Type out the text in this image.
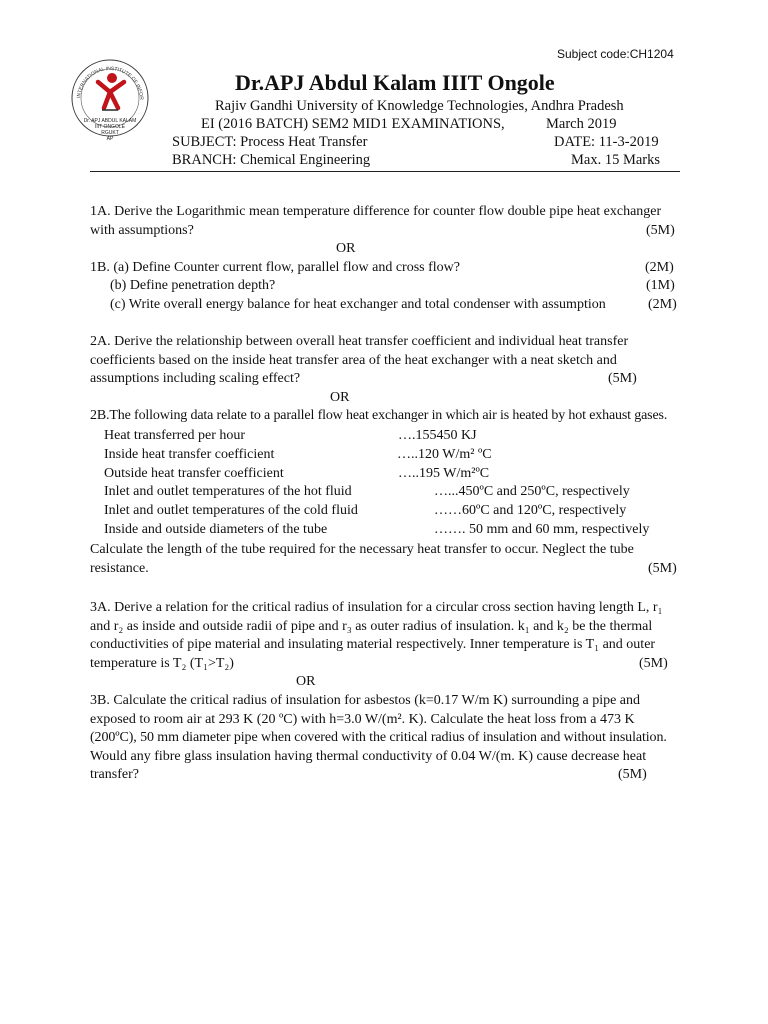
Subject code:CH1204
INTERNATIONAL INSTITUTE OF INFOR
Dr. APJ ABDUL KALAM
IIIT ONGOLE
RGUKT
AP
Dr.APJ Abdul Kalam IIIT Ongole
Rajiv Gandhi University of Knowledge Technologies, Andhra Pradesh
EI (2016 BATCH) SEM2 MID1 EXAMINATIONS,	March 2019
SUBJECT: Process Heat Transfer	DATE: 11-3-2019
BRANCH: Chemical Engineering	Max. 15 Marks
1A. Derive the Logarithmic mean temperature difference for counter flow double pipe heat exchanger
with assumptions?	(5M)
OR
1B. (a) Define Counter current flow, parallel flow and cross flow?	(2M)
(b) Define penetration depth?	(1M)
(c) Write overall energy balance for heat exchanger and total condenser with assumption	(2M)
2A. Derive the relationship between overall heat transfer coefficient and individual heat transfer
coefficients based on the inside heat transfer area of the heat exchanger with a neat sketch and
assumptions including scaling effect?	(5M)
OR
2B.The following data relate to a parallel flow heat exchanger in which air is heated by hot exhaust gases.
Heat transferred per hour	….155450 KJ
Inside heat transfer coefficient	…..120 W/m² ºC
Outside heat transfer coefficient	…..195 W/m²ºC
Inlet and outlet temperatures of the hot fluid	…...450ºC and 250ºC, respectively
Inlet and outlet temperatures of the cold fluid	……60ºC and 120ºC, respectively
Inside and outside diameters of the tube	……. 50 mm and 60 mm, respectively
Calculate the length of the tube required for the necessary heat transfer to occur. Neglect the tube
resistance.	(5M)
3A. Derive a relation for the critical radius of insulation for a circular cross section having length L, r₁
and r₂ as inside and outside radii of pipe and r₃ as outer radius of insulation. k₁ and k₂ be the thermal
conductivities of pipe material and insulating material respectively. Inner temperature is T₁ and outer
temperature is T₂ (T₁>T₂)	(5M)
OR
3B. Calculate the critical radius of insulation for asbestos (k=0.17 W/m K) surrounding a pipe and
exposed to room air at 293 K (20 ºC) with h=3.0 W/(m². K). Calculate the heat loss from a 473 K
(200ºC), 50 mm diameter pipe when covered with the critical radius of insulation and without insulation.
Would any fibre glass insulation having thermal conductivity of 0.04 W/(m. K) cause decrease heat
transfer?	(5M)
